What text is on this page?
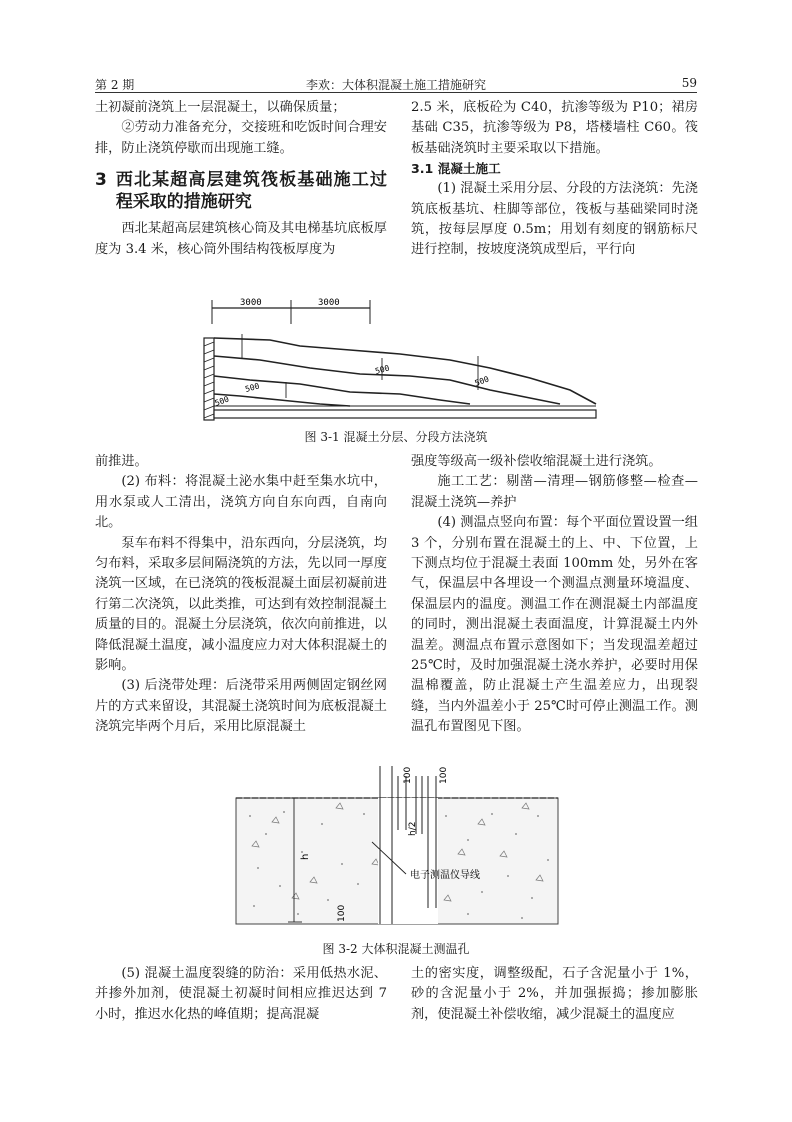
第 2 期	李欢：大体积混凝土施工措施研究	59

土初凝前浇筑上一层混凝土，以确保质量；

②劳动力准备充分，交接班和吃饭时间合理安排，防止浇筑停歇而出现施工缝。

3 西北某超高层建筑筏板基础施工过程采取的措施研究

西北某超高层建筑核心筒及其电梯基坑底板厚度为 3.4 米，核心筒外围结构筏板厚度为

2.5 米，底板砼为 C40，抗渗等级为 P10；裙房基础 C35，抗渗等级为 P8，塔楼墙柱 C60。筏板基础浇筑时主要采取以下措施。

3.1 混凝土施工

(1) 混凝土采用分层、分段的方法浇筑：先浇筑底板基坑、柱脚等部位，筏板与基础梁同时浇筑，按每层厚度 0.5m；用划有刻度的钢筋标尺进行控制，按坡度浇筑成型后，平行向

3000	3000
500
500
500
500
图 3-1 混凝土分层、分段方法浇筑

前推进。

(2) 布料：将混凝土泌水集中赶至集水坑中，用水泵或人工清出，浇筑方向自东向西，自南向北。

泵车布料不得集中，沿东西向，分层浇筑，均匀布料，采取多层间隔浇筑的方法，先以同一厚度浇筑一区域，在已浇筑的筏板混凝土面层初凝前进行第二次浇筑，以此类推，可达到有效控制混凝土质量的目的。混凝土分层浇筑，依次向前推进，以降低混凝土温度，减小温度应力对大体积混凝土的影响。

(3) 后浇带处理：后浇带采用两侧固定钢丝网片的方式来留设，其混凝土浇筑时间为底板混凝土浇筑完毕两个月后，采用比原混凝土

强度等级高一级补偿收缩混凝土进行浇筑。

施工工艺：剔凿—清理—钢筋修整—检查—混凝土浇筑—养护

(4) 测温点竖向布置：每个平面位置设置一组 3 个，分别布置在混凝土的上、中、下位置，上下测点均位于混凝土表面 100mm 处，另外在客气，保温层中各埋设一个测温点测量环境温度、保温层内的温度。测温工作在测混凝土内部温度的同时，测出混凝土表面温度，计算混凝土内外温差。测温点布置示意图如下；当发现温差超过 25℃时，及时加强混凝土浇水养护，必要时用保温棉覆盖，防止混凝土产生温差应力，出现裂缝，当内外温差小于 25℃时可停止测温工作。测温孔布置图见下图。

h
h/2
100	100
100
电子测温仪导线
图 3-2 大体积混凝土测温孔

(5) 混凝土温度裂缝的防治：采用低热水泥、并掺外加剂，使混凝土初凝时间相应推迟达到 7 小时，推迟水化热的峰值期；提高混凝

土的密实度，调整级配，石子含泥量小于 1%，砂的含泥量小于 2%，并加强振捣；掺加膨胀剂，使混凝土补偿收缩，减少混凝土的温度应
